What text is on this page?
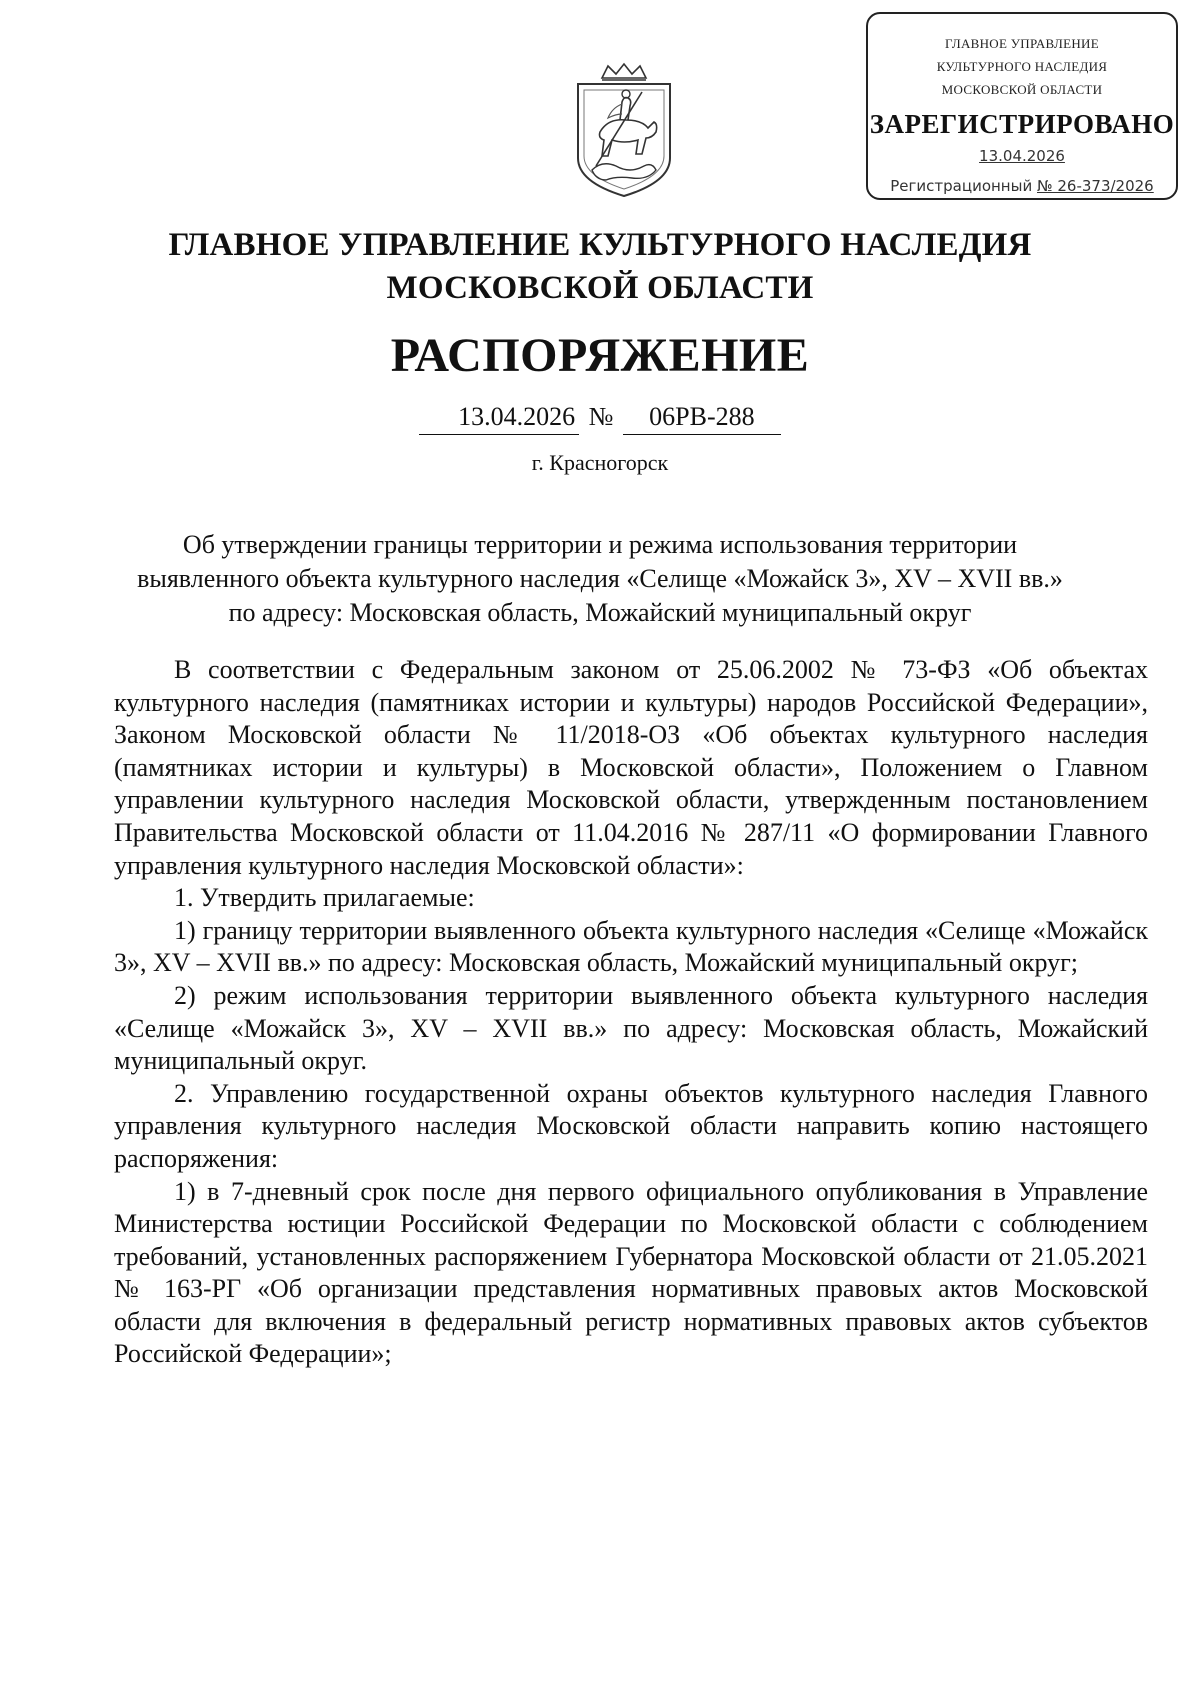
ГЛАВНОЕ УПРАВЛЕНИЕ
КУЛЬТУРНОГО НАСЛЕДИЯ
МОСКОВСКОЙ ОБЛАСТИ
ЗАРЕГИСТРИРОВАНО
13.04.2026
Регистрационный № 26-373/2026
ГЛАВНОЕ УПРАВЛЕНИЕ КУЛЬТУРНОГО НАСЛЕДИЯ
МОСКОВСКОЙ ОБЛАСТИ
РАСПОРЯЖЕНИЕ
13.04.2026 № 06РВ-288
г. Красногорск
Об утверждении границы территории и режима использования территории
выявленного объекта культурного наследия «Селище «Можайск 3», XV – XVII вв.»
по адресу: Московская область, Можайский муниципальный округ

В соответствии с Федеральным законом от 25.06.2002 № 73-ФЗ «Об объектах культурного наследия (памятниках истории и культуры) народов Российской Федерации», Законом Московской области № 11/2018-ОЗ «Об объектах культурного наследия (памятниках истории и культуры) в Московской области», Положением о Главном управлении культурного наследия Московской области, утвержденным постановлением Правительства Московской области от 11.04.2016 № 287/11 «О формировании Главного управления культурного наследия Московской области»:

1. Утвердить прилагаемые:

1) границу территории выявленного объекта культурного наследия «Селище «Можайск 3», XV – XVII вв.» по адресу: Московская область, Можайский муниципальный округ;

2) режим использования территории выявленного объекта культурного наследия «Селище «Можайск 3», XV – XVII вв.» по адресу: Московская область, Можайский муниципальный округ.

2. Управлению государственной охраны объектов культурного наследия Главного управления культурного наследия Московской области направить копию настоящего распоряжения:

1) в 7-дневный срок после дня первого официального опубликования в Управление Министерства юстиции Российской Федерации по Московской области с соблюдением требований, установленных распоряжением Губернатора Московской области от 21.05.2021 № 163-РГ «Об организации представления нормативных правовых актов Московской области для включения в федеральный регистр нормативных правовых актов субъектов Российской Федерации»;
